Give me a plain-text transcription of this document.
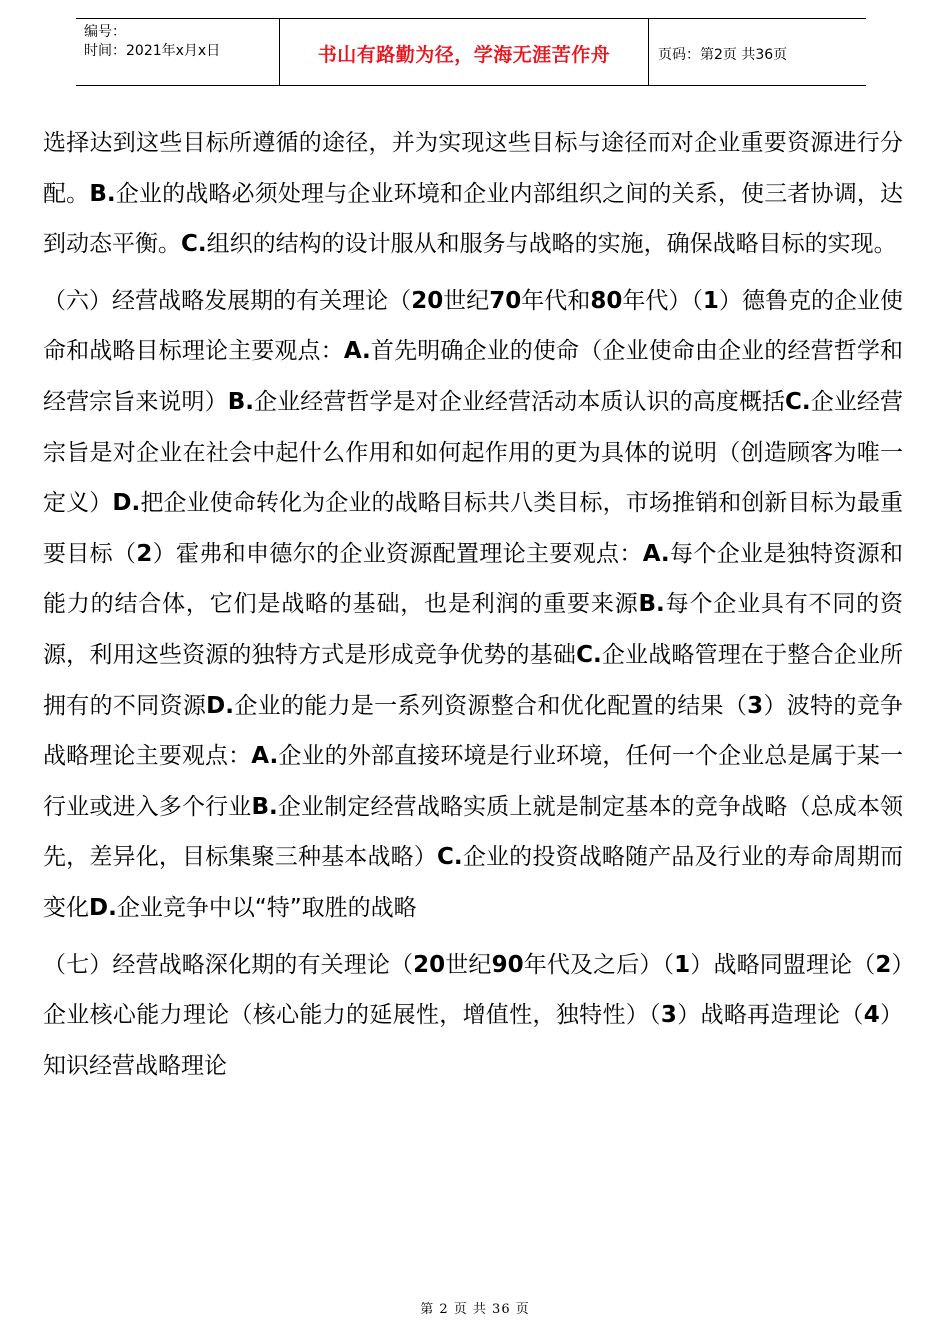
编号：
时间：2021年x月x日	书山有路勤为径，学海无涯苦作舟	页码：第2页 共36页

选择达到这些目标所遵循的途径，并为实现这些目标与途径而对企业重要资源进行分配。B.企业的战略必须处理与企业环境和企业内部组织之间的关系，使三者协调，达到动态平衡。C.组织的结构的设计服从和服务与战略的实施，确保战略目标的实现。

（六）经营战略发展期的有关理论（20世纪70年代和80年代）（1）德鲁克的企业使命和战略目标理论主要观点：A.首先明确企业的使命（企业使命由企业的经营哲学和经营宗旨来说明）B.企业经营哲学是对企业经营活动本质认识的高度概括C.企业经营宗旨是对企业在社会中起什么作用和如何起作用的更为具体的说明（创造顾客为唯一定义）D.把企业使命转化为企业的战略目标共八类目标，市场推销和创新目标为最重要目标（2）霍弗和申德尔的企业资源配置理论主要观点：A.每个企业是独特资源和能力的结合体，它们是战略的基础，也是利润的重要来源B.每个企业具有不同的资源，利用这些资源的独特方式是形成竞争优势的基础C.企业战略管理在于整合企业所拥有的不同资源D.企业的能力是一系列资源整合和优化配置的结果（3）波特的竞争战略理论主要观点：A.企业的外部直接环境是行业环境，任何一个企业总是属于某一行业或进入多个行业B.企业制定经营战略实质上就是制定基本的竞争战略（总成本领先，差异化，目标集聚三种基本战略）C.企业的投资战略随产品及行业的寿命周期而变化D.企业竞争中以“特”取胜的战略

（七）经营战略深化期的有关理论（20世纪90年代及之后）（1）战略同盟理论（2）企业核心能力理论（核心能力的延展性，增值性，独特性）（3）战略再造理论（4）知识经营战略理论

第 2 页 共 36 页
